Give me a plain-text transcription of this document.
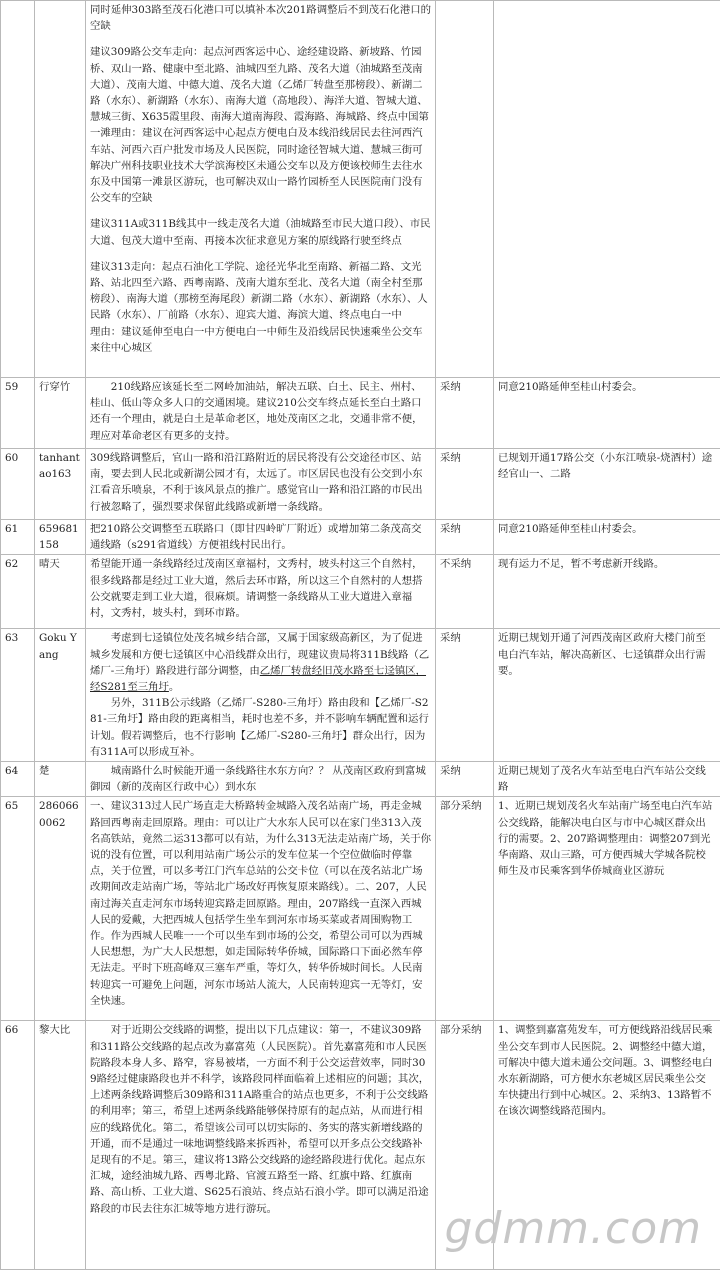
		同时延伸303路至茂石化港口可以填补本次201路调整后不到茂石化港口的空缺

建议309路公交车走向：起点河西客运中心、途经建设路、新坡路、竹园桥、双山一路、健康中至北路、油城四至九路、茂名大道（油城路至茂南大道）、茂南大道、中德大道、茂名大道（乙烯厂转盘至那榜段）、新湖二路（水东）、新湖路（水东）、南海大道（高地段）、海洋大道、智城大道、慧城三街、X635霞里段、南海大道南海段、霞海路、海城路、终点中国第一滩理由：建议在河西客运中心起点方便电白及本线沿线居民去往河西汽车站、河西六百户批发市场及人民医院，同时途径智城大道、慧城三街可解决广州科技职业技术大学滨海校区未通公交车以及方便该校师生去往水东及中国第一滩景区游玩，也可解决双山一路竹园桥至人民医院南门没有公交车的空缺

建议311A或311B线其中一线走茂名大道（油城路至市民大道口段）、市民大道、包茂大道中至南、再接本次征求意见方案的原线路行驶至终点

建议313走向：起点石油化工学院、途径光华北至南路、新福二路、文光路、站北四至六路、西粤南路、茂南大道东至北、茂名大道（南全村至那榜段）、南海大道（那榜至海尾段）新湖二路（水东）、新湖路（水东）、人民路（水东）、厂前路（水东）、迎宾大道、海滨大道、终点电白一中

理由：建议延伸至电白一中方便电白一中师生及沿线居民快速乘坐公交车来往中心城区		

59	行穿竹	210线路应该延长至二网岭加油站，解决五联、白土、民主、州村、桂山、低山等众多人口的交通困境。建议210公交车终点延长至白土路口还有一个理由，就是白土是革命老区，地处茂南区之北，交通非常不便，理应对革命老区有更多的支持。	采纳	同意210路延伸至桂山村委会。
60	tanhantao163	309线路调整后，官山一路和沿江路附近的居民将没有公交途径市区、站南，要去到人民北或新湖公园才有，太远了。市区居民也没有公交到小东江看音乐喷泉，不利于该风景点的推广。感觉官山一路和沿江路的市民出行被忽略了，强烈要求保留此线路或新增一条线路。	采纳	已规划开通17路公交（小东江喷泉-烧酒村）途经官山一、二路
61	659681158	把210路公交调整至五联路口（即甘四岭旷厂附近）或增加第二条茂高交通线路（s291省道线）方便祖线村民出行。	采纳	同意210路延伸至桂山村委会。
62	晴天	希望能开通一条线路经过茂南区章福村，文秀村，坡头村这三个自然村，很多线路都是经过工业大道，然后去环市路，所以这三个自然村的人想搭公交就要走到工业大道，很麻烦。请调整一条线路从工业大道进入章福村，文秀村，坡头村，到环市路。	不采纳	现有运力不足，暂不考虑新开线路。
63	Goku Yang	考虑到七迳镇位处茂名城乡结合部，又属于国家级高新区，为了促进城乡发展和方便七迳镇区中心沿线群众出行，现建议贵局将311B线路（乙烯厂-三角圩）路段进行部分调整，由乙烯厂转盘经旧茂水路至七迳镇区，经S281至三角圩。

另外，311B公示线路（乙烯厂-S280-三角圩）路由段和【乙烯厂-S281-三角圩】路由段的距离相当，耗时也差不多，并不影响车辆配置和运行计划。假若调整后，也不行影响【乙烯厂-S280-三角圩】群众出行，因为有311A可以形成互补。	采纳	近期已规划开通了河西茂南区政府大楼门前至电白汽车站，解决高新区、七迳镇群众出行需要。
64	楚	城南路什么时候能开通一条线路往水东方向？？ 从茂南区政府到富城御园（新的茂南区行政中心）到水东	采纳	近期已规划了茂名火车站至电白汽车站公交线路
65	2860660062	一、建议313过人民广场直走大桥路转金城路入茂名站南广场，再走金城路回西粤南走回原路。理由：可以让广大水东人民可以在家门坐313入茂名高铁站，竟然二运313都可以有站，为什么313无法走站南广场，关于你说的没有位置，可以利用站南广场公示的发车位某一个空位做临时停靠点，关于位置，可以多考江门汽车总站的公交卡位（可以在茂名站北广场改期间改走站南广场，等站北广场改好再恢复原来路线）。二、207，人民南过海关直走河东市场转迎宾路走回原路。理由，207路线一直深入西城人民的爱戴，大把西城人包括学生坐车到河东市场买菜或者周围购物工作。作为西城人民唯一一个可以坐车到市场的公交，希望公司可以为西城人民想想，为广大人民想想，如走国际转华侨城，国际路口下面必然车停无法走。平时下班高峰双三塞车严重，等灯久，转华侨城时间长。人民南转迎宾一可避免上问题，河东市场站人流大，人民南转迎宾一无等灯，安全快速。	部分采纳	1、近期已规划茂名火车站南广场至电白汽车站公交线路，能解决电白区与市中心城区群众出行的需要。2、207路调整理由：调整207到光华南路、双山三路，可方便西城大学城各院校师生及市民乘客到华侨城商业区游玩
66	黎大比	对于近期公交线路的调整，提出以下几点建议：第一，不建议309路和311路公交线路的起点改为嘉富苑（人民医院）。首先嘉富苑和市人民医院路段本身人多、路窄，容易被堵，一方面不利于公交运营效率，同时309路经过健康路段也并不科学，该路段同样面临着上述相应的问题；其次，上述两条线路调整后309路和311A路重合的站点也更多，不利于公交线路的利用率；第三，希望上述两条线路能够保持原有的起点站，从而进行相应的线路优化。第二，希望该公司可以切实际的、务实的落实新增线路的开通，而不是通过一味地调整线路来拆西补，希望可以开多点公交线路补足现有的不足。第三，建议将13路公交线路的途经路段进行优化。起点东汇城，途经油城九路、西粤北路、官渡五路至一路、红旗中路、红旗南路、高山桥、工业大道、S625石浪站、终点站石浪小学。即可以满足沿途路段的市民去往东汇城等地方进行游玩。	部分采纳	1、调整到嘉富苑发车，可方便线路沿线居民乘坐公交车到市人民医院。2、调整经中德大道，可解决中德大道未通公交问题。3、调整经电白水东新湖路，可方便水东老城区居民乘坐公交车快捷出行到中心城区。2、采纳3、13路暂不在该次调整线路范围内。
gdmm.com
